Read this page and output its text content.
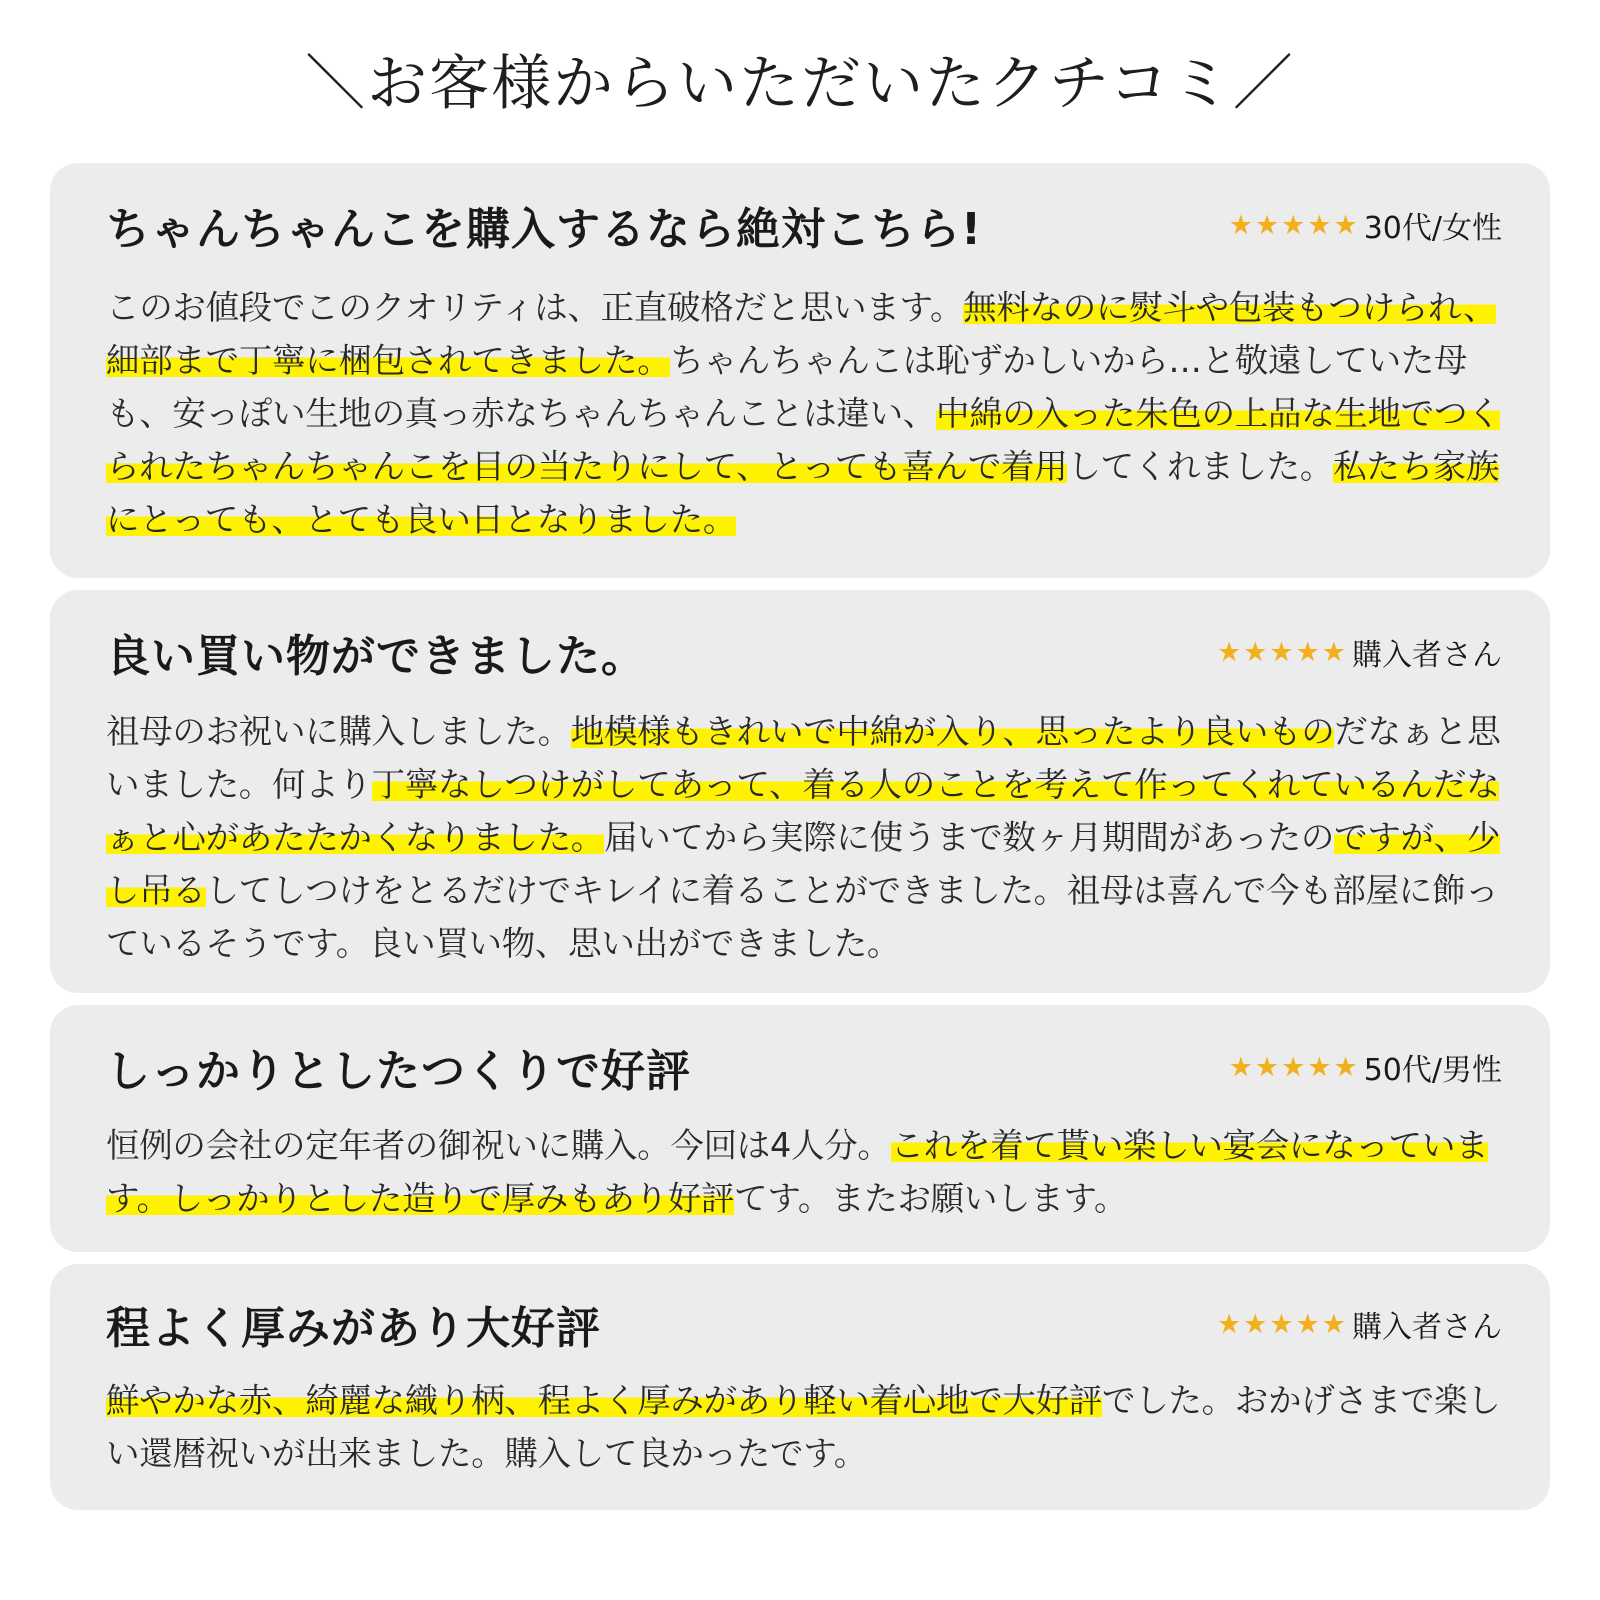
＼お客様からいただいたクチコミ／
ちゃんちゃんこを購入するなら絶対こちら!	★★★★★ 30代/女性
このお値段でこのクオリティは、正直破格だと思います。無料なのに熨斗や包装もつけられ、細部まで丁寧に梱包されてきました。ちゃんちゃんこは恥ずかしいから…と敬遠していた母も、安っぽい生地の真っ赤なちゃんちゃんことは違い、中綿の入った朱色の上品な生地でつくられたちゃんちゃんこを目の当たりにして、とっても喜んで着用してくれました。私たち家族にとっても、とても良い日となりました。
良い買い物ができました。	★★★★★ 購入者さん
祖母のお祝いに購入しました。地模様もきれいで中綿が入り、思ったより良いものだなぁと思いました。何より丁寧なしつけがしてあって、着る人のことを考えて作ってくれているんだなぁと心があたたかくなりました。届いてから実際に使うまで数ヶ月期間があったのですが、少し吊るしてしつけをとるだけでキレイに着ることができました。祖母は喜んで今も部屋に飾っているそうです。良い買い物、思い出ができました。
しっかりとしたつくりで好評	★★★★★ 50代/男性
恒例の会社の定年者の御祝いに購入。今回は4人分。これを着て貰い楽しい宴会になっています。しっかりとした造りで厚みもあり好評てす。またお願いします。
程よく厚みがあり大好評	★★★★★ 購入者さん
鮮やかな赤、綺麗な織り柄、程よく厚みがあり軽い着心地で大好評でした。おかげさまで楽しい還暦祝いが出来ました。購入して良かったです。
